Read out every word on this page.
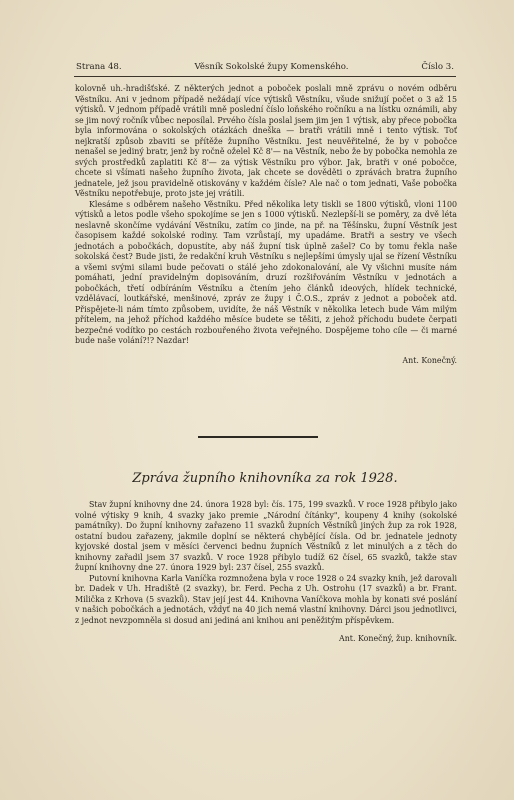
Strana 48.	Věsník Sokolské župy Komenského.	Číslo 3.

kolovně uh.-hradišťské. Z některých jednot a poboček poslali mně zprávu o novém odběru Věstníku. Ani v jednom případě nežádají více výtisků Věstníku, všude snižují počet o 3 až 15 výtisků. V jednom případě vrátili mně poslední číslo loňského ročníku a na lístku oznámili, aby se jim nový ročník vůbec neposílal. Prvého čísla poslal jsem jim jen 1 výtisk, aby přece pobočka byla informována o sokolských otázkách dneška — bratři vrátili mně i tento výtisk. Toť nejkratší způsob zbaviti se přítěže župního Věstníku. Jest neuvěřitelné, že by v pobočce nenašel se jediný bratr, jenž by ročně oželel Kč 8'— na Věstník, nebo že by pobočka nemohla ze svých prostředků zaplatiti Kč 8'— za výtisk Věstníku pro výbor. Jak, bratři v oné pobočce, chcete si všímati našeho župního života, jak chcete se dověděti o zprávách bratra župního jednatele, jež jsou pravidelně otiskovány v každém čísle? Ale nač o tom jednati, Vaše pobočka Věstníku nepotřebuje, proto jste jej vrátili.

Klesáme s odběrem našeho Věstníku. Před několika lety tiskli se 1800 výtisků, vloni 1100 výtisků a letos podle všeho spokojíme se jen s 1000 výtisků. Nezlepší-li se poměry, za dvě léta neslavně skončíme vydávání Věstníku, zatím co jinde, na př. na Těšínsku, župní Věstník jest časopisem každé sokolské rodiny. Tam vzrůstají, my upadáme. Bratři a sestry ve všech jednotách a pobočkách, dopustíte, aby náš župní tisk úplně zašel? Co by tomu řekla naše sokolská čest? Bude jisti, že redakční kruh Věstníku s nejlepšími úmysly ujal se řízení Věstníku a všemi svými silami bude pečovati o stálé jeho zdokonalování, ale Vy všichni musíte nám pomáhati, jední pravidelným dopisováním, druzí rozšiřováním Věstníku v jednotách a pobočkách, třetí odbíráním Věstníku a čtením jeho článků ideových, hlídek technické, vzdělávací, loutkářské, menšinové, zpráv ze župy i Č.O.S., zpráv z jednot a poboček atd. Přispějete-li nám tímto způsobem, uvidíte, že náš Věstník v několika letech bude Vám milým přítelem, na jehož příchod každého měsíce budete se těšiti, z jehož příchodu budete čerpati bezpečné vodítko po cestách rozbouřeného života veřejného. Dospějeme toho cíle — či marné bude naše volání?!? Nazdar!

Ant. Konečný.

Zpráva župního knihovníka za rok 1928.

Stav župní knihovny dne 24. února 1928 byl: čís. 175, 199 svazků. V roce 1928 přibylo jako volné výtisky 9 knih, 4 svazky jako premie „Národní čítánky", koupeny 4 knihy (sokolské památníky). Do župní knihovny zařazeno 11 svazků župních Věstníků jiných žup za rok 1928, ostatní budou zařazeny, jakmile doplní se některá chybějící čísla. Od br. jednatele jednoty kyjovské dostal jsem v měsíci červenci bednu župních Věstníků z let minulých a z těch do knihovny zařadil jsem 37 svazků. V roce 1928 přibylo tudíž 62 čísel, 65 svazků, takže stav župní knihovny dne 27. února 1929 byl: 237 čísel, 255 svazků.

Putovní knihovna Karla Vaníčka rozmnožena byla v roce 1928 o 24 svazky knih, jež darovali br. Dadek v Uh. Hradiště (2 svazky), br. Ferd. Pecha z Uh. Ostrohu (17 svazků) a br. Frant. Milička z Krhova (5 svazků). Stav její jest 44. Knihovna Vaníčkova mohla by konati své poslání v našich pobočkách a jednotách, vždyť na 40 jich nemá vlastní knihovny. Dárci jsou jednotlivci, z jednot nevzpomněla si dosud ani jediná ani knihou ani peněžitým příspěvkem.

Ant. Konečný, žup. knihovník.
